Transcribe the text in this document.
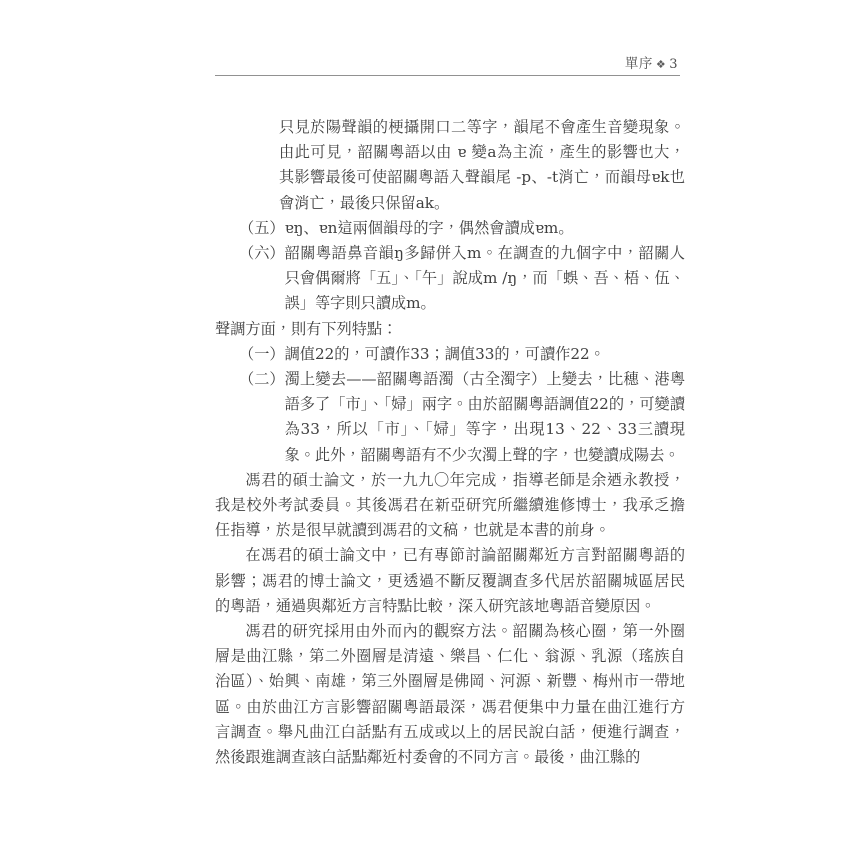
單序 ❖ 3

只見於陽聲韻的梗攝開口二等字，韻尾不會產生音變現象。由此可見，韶關粵語以由 ɐ 變a為主流，產生的影響也大，其影響最後可使韶關粵語入聲韻尾 -p、-t消亡，而韻母ɐk也會消亡，最後只保留ak。

（五） ɐŋ、ɐn這兩個韻母的字，偶然會讀成ɐm。
（六） 韶關粵語鼻音韻ŋ多歸併入m。在調查的九個字中，韶關人只會偶爾將「五」、「午」說成m /ŋ，而「蜈、吾、梧、伍、誤」等字則只讀成m。

聲調方面，則有下列特點：

（一） 調值22的，可讀作33；調值33的，可讀作22。
（二） 濁上變去——韶關粵語濁（古全濁字）上變去，比穗、港粵語多了「市」、「婦」兩字。由於韶關粵語調值22的，可變讀為33，所以「市」、「婦」等字，出現13、22、33三讀現象。此外，韶關粵語有不少次濁上聲的字，也變讀成陽去。

馮君的碩士論文，於一九九〇年完成，指導老師是余迺永教授，我是校外考試委員。其後馮君在新亞研究所繼續進修博士，我承乏擔任指導，於是很早就讀到馮君的文稿，也就是本書的前身。

在馮君的碩士論文中，已有專節討論韶關鄰近方言對韶關粵語的影響；馮君的博士論文，更透過不斷反覆調查多代居於韶關城區居民的粵語，通過與鄰近方言特點比較，深入研究該地粵語音變原因。

馮君的研究採用由外而內的觀察方法。韶關為核心圈，第一外圈層是曲江縣，第二外圈層是清遠、樂昌、仁化、翁源、乳源（瑤族自治區）、始興、南雄，第三外圈層是佛岡、河源、新豐、梅州市一帶地區。由於曲江方言影響韶關粵語最深，馮君便集中力量在曲江進行方言調查。舉凡曲江白話點有五成或以上的居民說白話，便進行調查，然後跟進調查該白話點鄰近村委會的不同方言。最後，曲江縣的
